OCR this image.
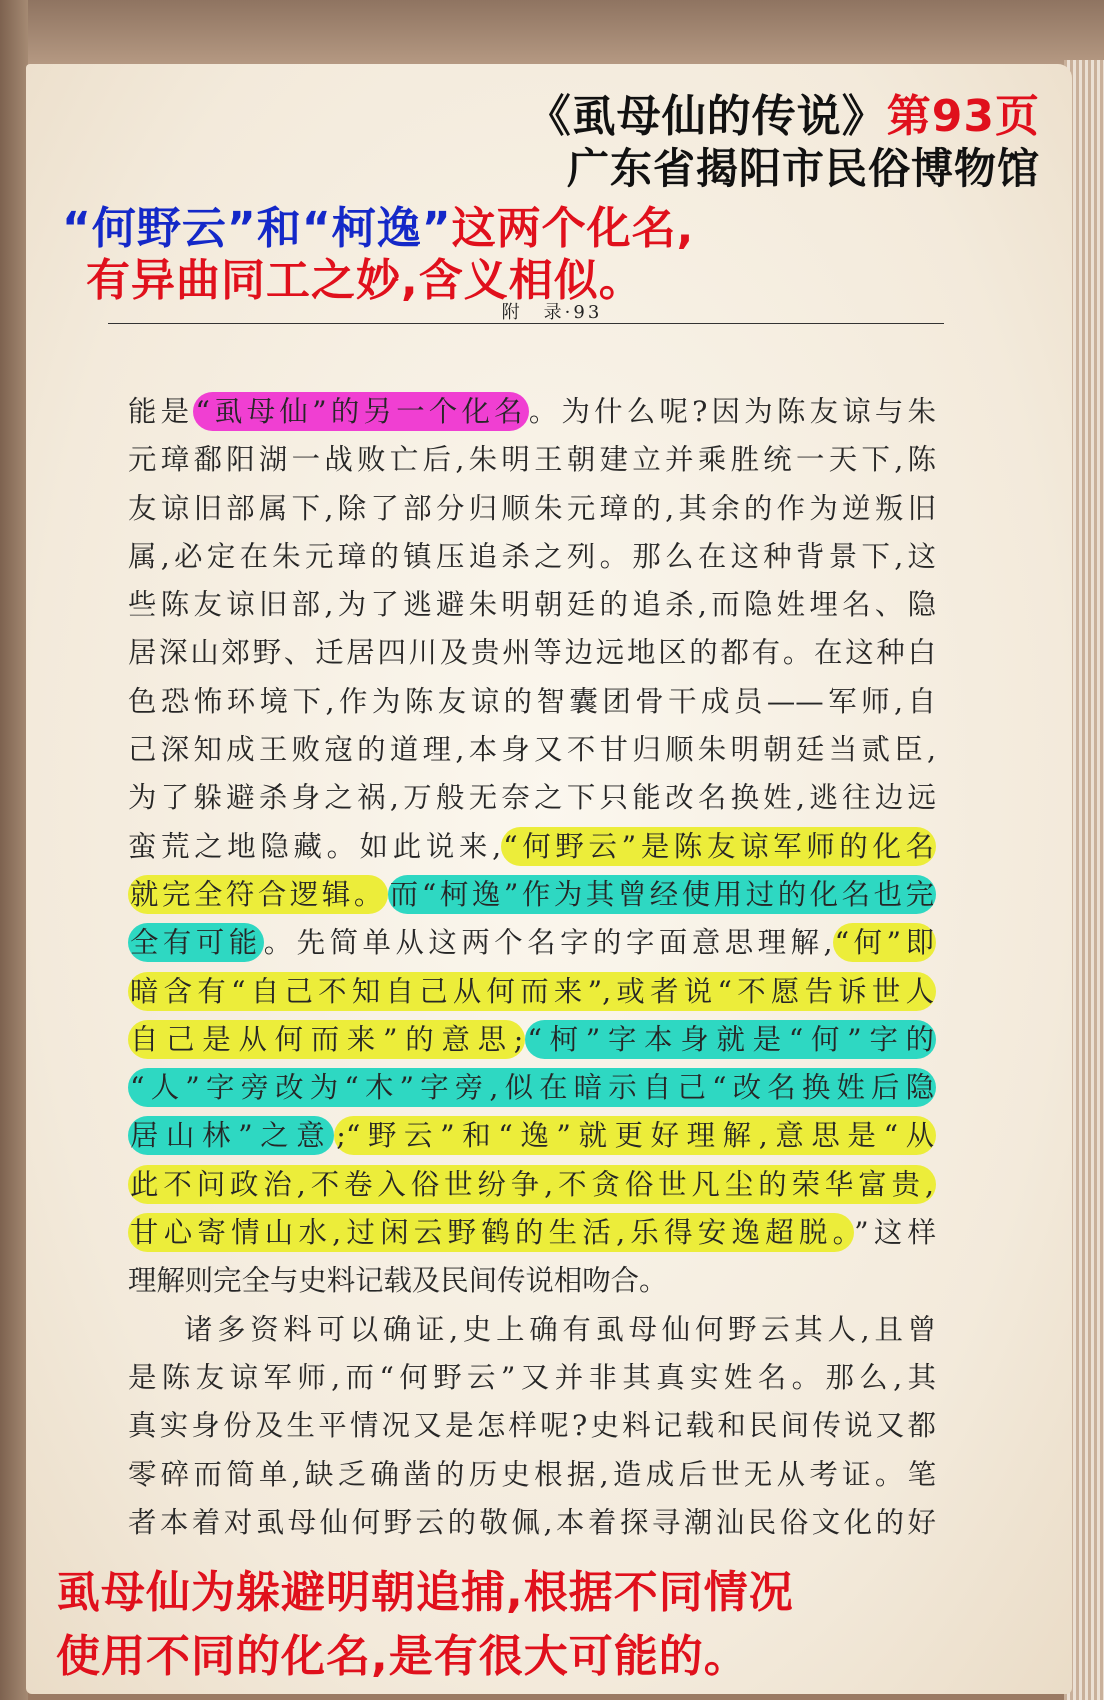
《虱母仙的传说》第93页
广东省揭阳市民俗博物馆
“何野云”和“柯逸”这两个化名,
有异曲同工之妙,含义相似。
附　录·93
能是“虱母仙”的另一个化名。为什么呢?因为陈友谅与朱
元璋鄱阳湖一战败亡后,朱明王朝建立并乘胜统一天下,陈
友谅旧部属下,除了部分归顺朱元璋的,其余的作为逆叛旧
属,必定在朱元璋的镇压追杀之列。那么在这种背景下,这
些陈友谅旧部,为了逃避朱明朝廷的追杀,而隐姓埋名、隐
居深山郊野、迁居四川及贵州等边远地区的都有。在这种白
色恐怖环境下,作为陈友谅的智囊团骨干成员——军师,自
己深知成王败寇的道理,本身又不甘归顺朱明朝廷当贰臣,
为了躲避杀身之祸,万般无奈之下只能改名换姓,逃往边远
蛮荒之地隐藏。如此说来,“何野云”是陈友谅军师的化名
就完全符合逻辑。 而“柯逸”作为其曾经使用过的化名也完
全有可能。先简单从这两个名字的字面意思理解,“何”即
暗含有“自己不知自己从何而来”,或者说“不愿告诉世人
自己是从何而来”的意思; “柯”字本身就是“何”字的
“人”字旁改为“木”字旁,似在暗示自己“改名换姓后隐
居山林”之意 ;“野云”和“逸”就更好理解,意思是“从
此不问政治,不卷入俗世纷争,不贪俗世凡尘的荣华富贵,
甘心寄情山水,过闲云野鹤的生活,乐得安逸超脱。”这样
理解则完全与史料记载及民间传说相吻合。
诸多资料可以确证,史上确有虱母仙何野云其人,且曾
是陈友谅军师,而“何野云”又并非其真实姓名。那么,其
真实身份及生平情况又是怎样呢?史料记载和民间传说又都
零碎而简单,缺乏确凿的历史根据,造成后世无从考证。笔
者本着对虱母仙何野云的敬佩,本着探寻潮汕民俗文化的好
虱母仙为躲避明朝追捕,根据不同情况
使用不同的化名,是有很大可能的。
